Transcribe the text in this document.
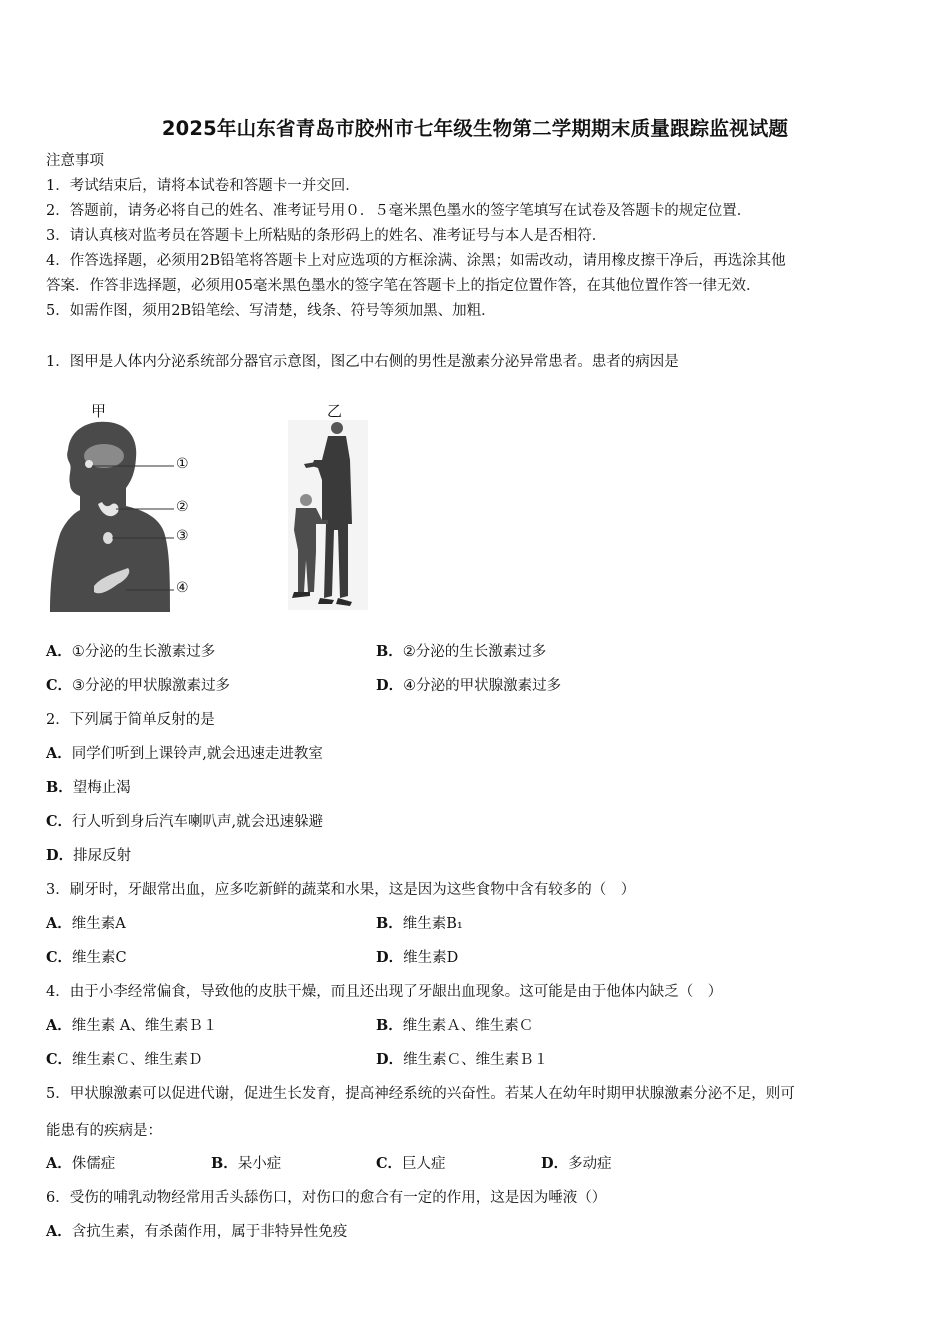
2025年山东省青岛市胶州市七年级生物第二学期期末质量跟踪监视试题
注意事项
1．考试结束后，请将本试卷和答题卡一并交回．
2．答题前，请务必将自己的姓名、准考证号用０．５毫米黑色墨水的签字笔填写在试卷及答题卡的规定位置．
3．请认真核对监考员在答题卡上所粘贴的条形码上的姓名、准考证号与本人是否相符．
4．作答选择题，必须用2B铅笔将答题卡上对应选项的方框涂满、涂黑；如需改动，请用橡皮擦干净后，再选涂其他
答案．作答非选择题，必须用05毫米黑色墨水的签字笔在答题卡上的指定位置作答，在其他位置作答一律无效．
5．如需作图，须用2B铅笔绘、写清楚，线条、符号等须加黑、加粗．
1．图甲是人体内分泌系统部分器官示意图，图乙中右侧的男性是激素分泌异常患者。患者的病因是
甲	乙
①
②
③
④
A．①分泌的生长激素过多	B．②分泌的生长激素过多
C．③分泌的甲状腺激素过多	D．④分泌的甲状腺激素过多
2．下列属于简单反射的是
A．同学们听到上课铃声,就会迅速走进教室
B．望梅止渴
C．行人听到身后汽车喇叭声,就会迅速躲避
D．排尿反射
3．刷牙时，牙龈常出血，应多吃新鲜的蔬菜和水果，这是因为这些食物中含有较多的（　）
A．维生素A	B．维生素B₁
C．维生素C	D．维生素D
4．由于小李经常偏食，导致他的皮肤干燥，而且还出现了牙龈出血现象。这可能是由于他体内缺乏（　）
A．维生素 A、维生素Ｂ１	B．维生素Ａ、维生素Ｃ
C．维生素Ｃ、维生素Ｄ	D．维生素Ｃ、维生素Ｂ１
5．甲状腺激素可以促进代谢，促进生长发育，提高神经系统的兴奋性。若某人在幼年时期甲状腺激素分泌不足，则可
能患有的疾病是：
A．侏儒症	B．呆小症	C．巨人症	D．多动症
6．受伤的哺乳动物经常用舌头舔伤口，对伤口的愈合有一定的作用，这是因为唾液（）
A．含抗生素，有杀菌作用，属于非特异性免疫
